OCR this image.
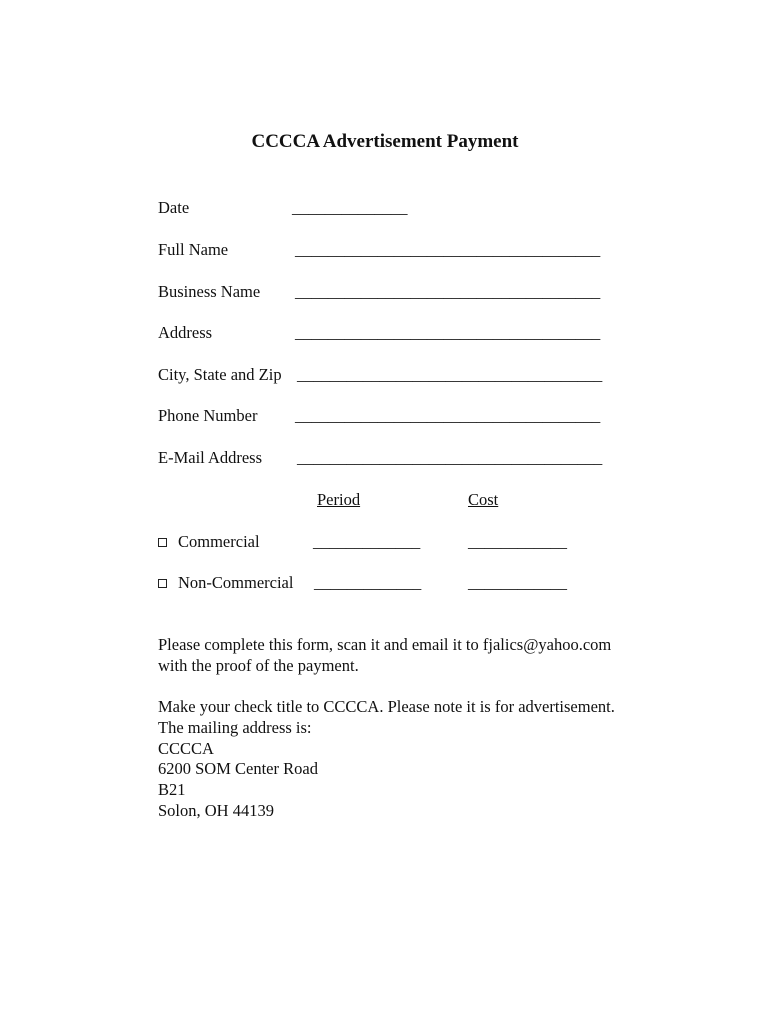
CCCCA Advertisement Payment
Date	______________
Full Name	_____________________________________
Business Name _____________________________________
Address	_____________________________________
City, State and Zip _____________________________________
Phone Number _____________________________________
E-Mail Address _____________________________________
Period	Cost
Commercial	_____________	____________
Non-Commercial _____________	____________
Please complete this form, scan it and email it to fjalics@yahoo.com
with the proof of the payment.
Make your check title to CCCCA. Please note it is for advertisement.
The mailing address is:
CCCCA
6200 SOM Center Road
B21
Solon, OH 44139
